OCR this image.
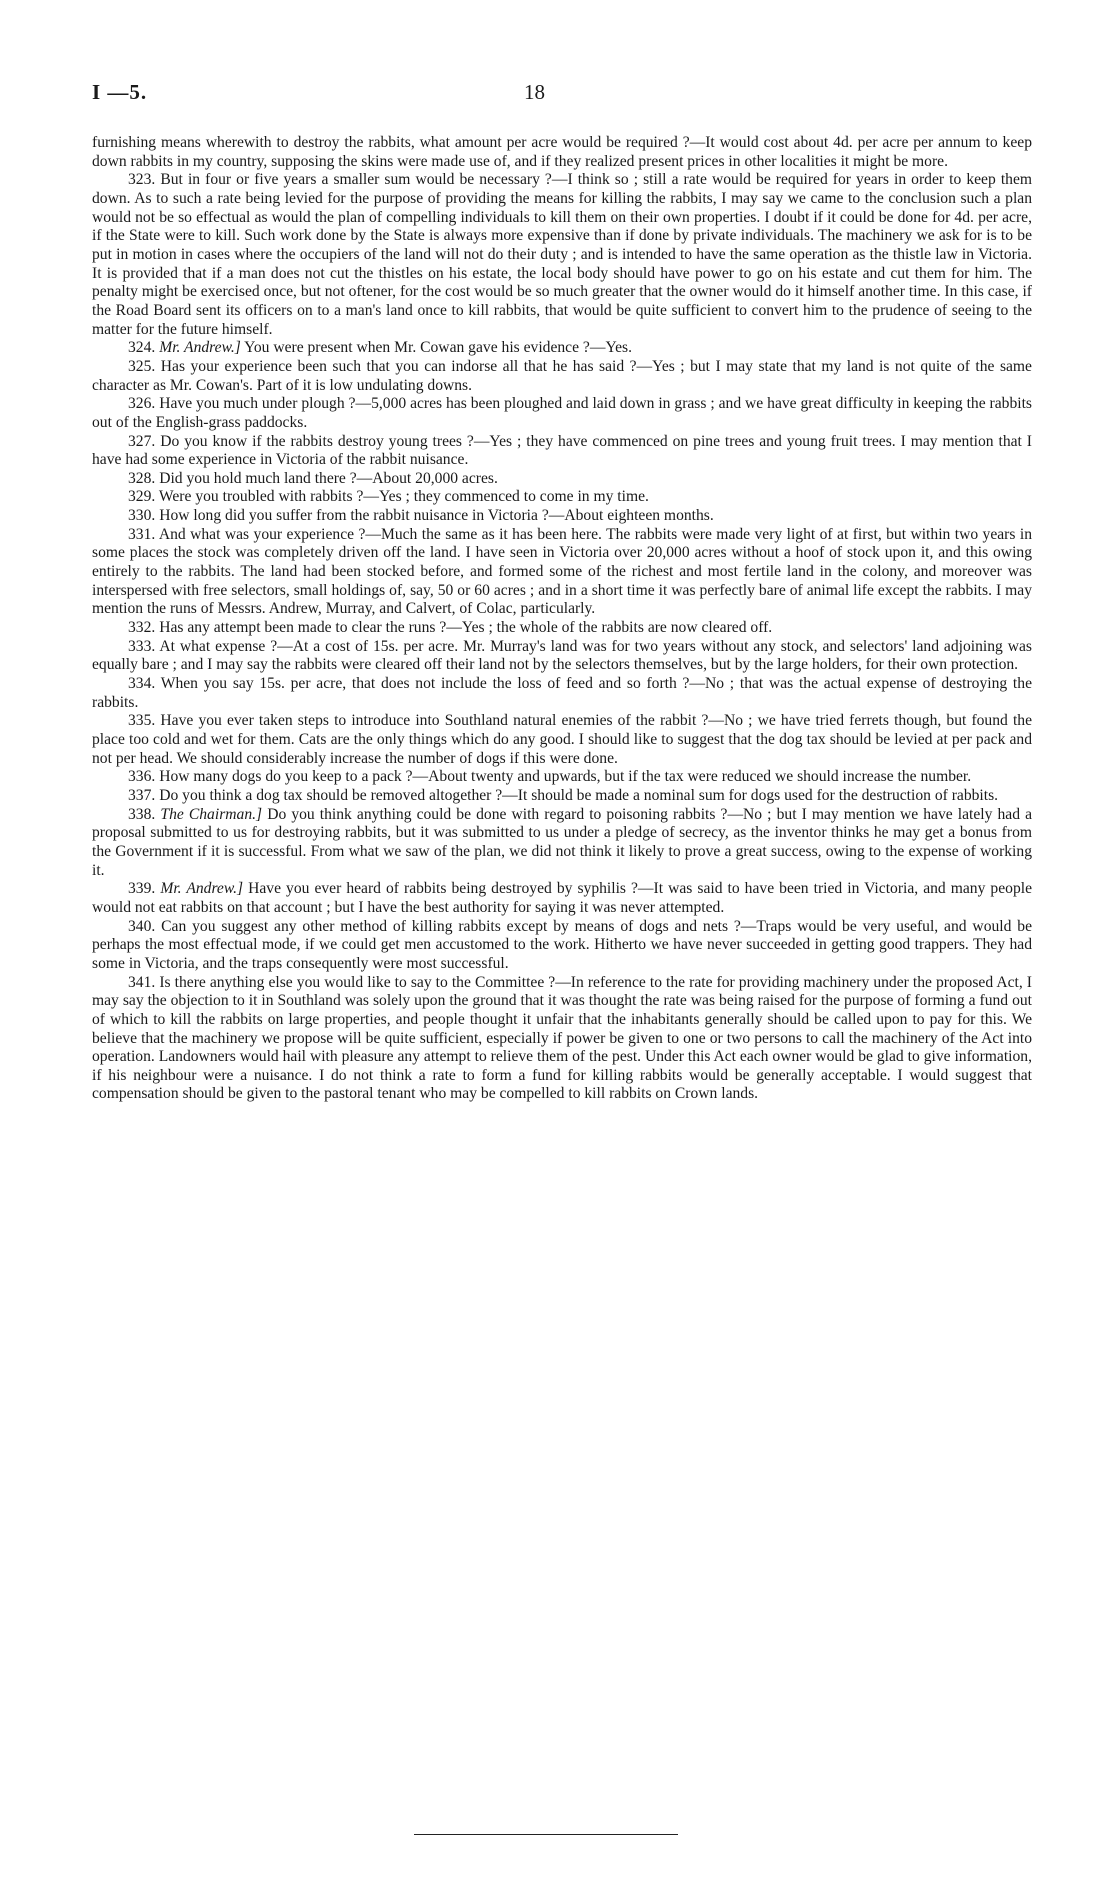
I —5.	18

furnishing means wherewith to destroy the rabbits, what amount per acre would be required ?—It would cost about 4d. per acre per annum to keep down rabbits in my country, supposing the skins were made use of, and if they realized present prices in other localities it might be more.

323. But in four or five years a smaller sum would be necessary ?—I think so ; still a rate would be required for years in order to keep them down. As to such a rate being levied for the purpose of providing the means for killing the rabbits, I may say we came to the conclusion such a plan would not be so effectual as would the plan of compelling individuals to kill them on their own properties. I doubt if it could be done for 4d. per acre, if the State were to kill. Such work done by the State is always more expensive than if done by private individuals. The machinery we ask for is to be put in motion in cases where the occupiers of the land will not do their duty ; and is intended to have the same operation as the thistle law in Victoria. It is provided that if a man does not cut the thistles on his estate, the local body should have power to go on his estate and cut them for him. The penalty might be exercised once, but not oftener, for the cost would be so much greater that the owner would do it himself another time. In this case, if the Road Board sent its officers on to a man's land once to kill rabbits, that would be quite sufficient to convert him to the prudence of seeing to the matter for the future himself.

324. Mr. Andrew.] You were present when Mr. Cowan gave his evidence ?—Yes.

325. Has your experience been such that you can indorse all that he has said ?—Yes ; but I may state that my land is not quite of the same character as Mr. Cowan's. Part of it is low undulating downs.

326. Have you much under plough ?—5,000 acres has been ploughed and laid down in grass ; and we have great difficulty in keeping the rabbits out of the English-grass paddocks.

327. Do you know if the rabbits destroy young trees ?—Yes ; they have commenced on pine trees and young fruit trees. I may mention that I have had some experience in Victoria of the rabbit nuisance.

328. Did you hold much land there ?—About 20,000 acres.

329. Were you troubled with rabbits ?—Yes ; they commenced to come in my time.

330. How long did you suffer from the rabbit nuisance in Victoria ?—About eighteen months.

331. And what was your experience ?—Much the same as it has been here. The rabbits were made very light of at first, but within two years in some places the stock was completely driven off the land. I have seen in Victoria over 20,000 acres without a hoof of stock upon it, and this owing entirely to the rabbits. The land had been stocked before, and formed some of the richest and most fertile land in the colony, and moreover was interspersed with free selectors, small holdings of, say, 50 or 60 acres ; and in a short time it was perfectly bare of animal life except the rabbits. I may mention the runs of Messrs. Andrew, Murray, and Calvert, of Colac, particularly.

332. Has any attempt been made to clear the runs ?—Yes ; the whole of the rabbits are now cleared off.

333. At what expense ?—At a cost of 15s. per acre. Mr. Murray's land was for two years without any stock, and selectors' land adjoining was equally bare ; and I may say the rabbits were cleared off their land not by the selectors themselves, but by the large holders, for their own protection.

334. When you say 15s. per acre, that does not include the loss of feed and so forth ?—No ; that was the actual expense of destroying the rabbits.

335. Have you ever taken steps to introduce into Southland natural enemies of the rabbit ?—No ; we have tried ferrets though, but found the place too cold and wet for them. Cats are the only things which do any good. I should like to suggest that the dog tax should be levied at per pack and not per head. We should considerably increase the number of dogs if this were done.

336. How many dogs do you keep to a pack ?—About twenty and upwards, but if the tax were reduced we should increase the number.

337. Do you think a dog tax should be removed altogether ?—It should be made a nominal sum for dogs used for the destruction of rabbits.

338. The Chairman.] Do you think anything could be done with regard to poisoning rabbits ?—No ; but I may mention we have lately had a proposal submitted to us for destroying rabbits, but it was submitted to us under a pledge of secrecy, as the inventor thinks he may get a bonus from the Government if it is successful. From what we saw of the plan, we did not think it likely to prove a great success, owing to the expense of working it.

339. Mr. Andrew.] Have you ever heard of rabbits being destroyed by syphilis ?—It was said to have been tried in Victoria, and many people would not eat rabbits on that account ; but I have the best authority for saying it was never attempted.

340. Can you suggest any other method of killing rabbits except by means of dogs and nets ?—Traps would be very useful, and would be perhaps the most effectual mode, if we could get men accustomed to the work. Hitherto we have never succeeded in getting good trappers. They had some in Victoria, and the traps consequently were most successful.

341. Is there anything else you would like to say to the Committee ?—In reference to the rate for providing machinery under the proposed Act, I may say the objection to it in Southland was solely upon the ground that it was thought the rate was being raised for the purpose of forming a fund out of which to kill the rabbits on large properties, and people thought it unfair that the inhabitants generally should be called upon to pay for this. We believe that the machinery we propose will be quite sufficient, especially if power be given to one or two persons to call the machinery of the Act into operation. Landowners would hail with pleasure any attempt to relieve them of the pest. Under this Act each owner would be glad to give information, if his neighbour were a nuisance. I do not think a rate to form a fund for killing rabbits would be generally acceptable. I would suggest that compensation should be given to the pastoral tenant who may be compelled to kill rabbits on Crown lands.
